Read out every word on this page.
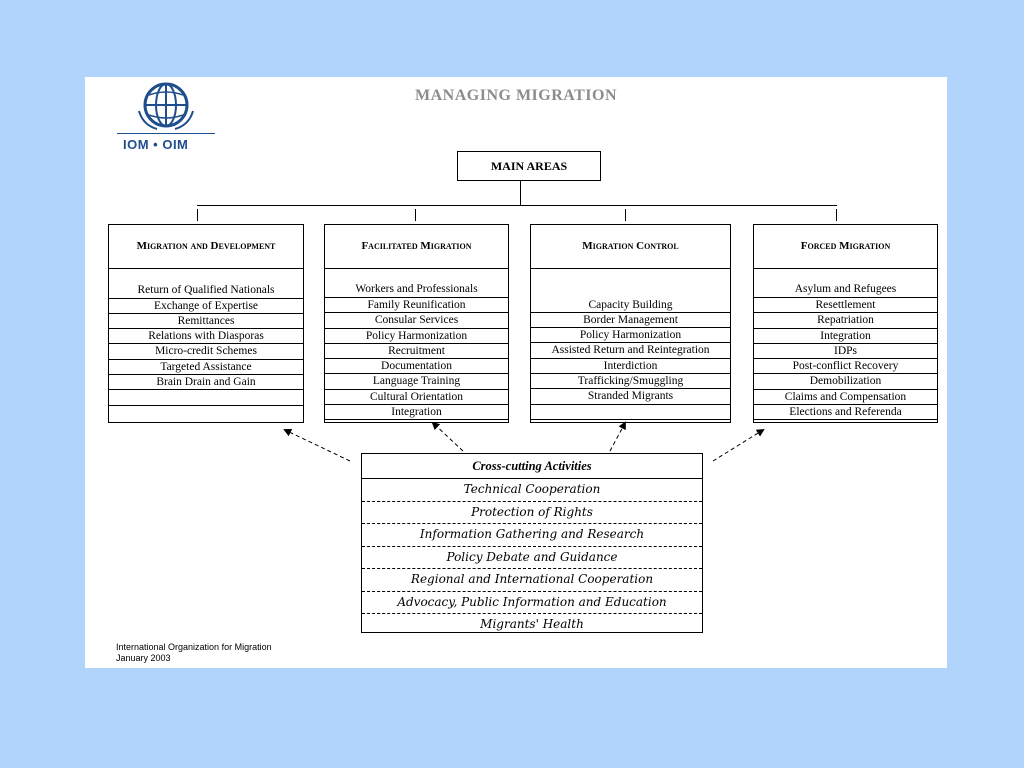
IOM • OIM
MANAGING MIGRATION
MAIN AREAS
Migration and Development
Return of Qualified Nationals
Exchange of Expertise
Remittances
Relations with Diasporas
Micro-credit Schemes
Targeted Assistance
Brain Drain and Gain
Facilitated Migration
Workers and Professionals
Family Reunification
Consular Services
Policy Harmonization
Recruitment
Documentation
Language Training
Cultural Orientation
Integration
Migration Control
Capacity Building
Border Management
Policy Harmonization
Assisted Return and Reintegration
Interdiction
Trafficking/Smuggling
Stranded Migrants
Forced Migration
Asylum and Refugees
Resettlement
Repatriation
Integration
IDPs
Post-conflict Recovery
Demobilization
Claims and Compensation
Elections and Referenda
Cross-cutting Activities
Technical Cooperation
Protection of Rights
Information Gathering and Research
Policy Debate and Guidance
Regional and International Cooperation
Advocacy, Public Information and Education
Migrants' Health
International Organization for Migration
January 2003
